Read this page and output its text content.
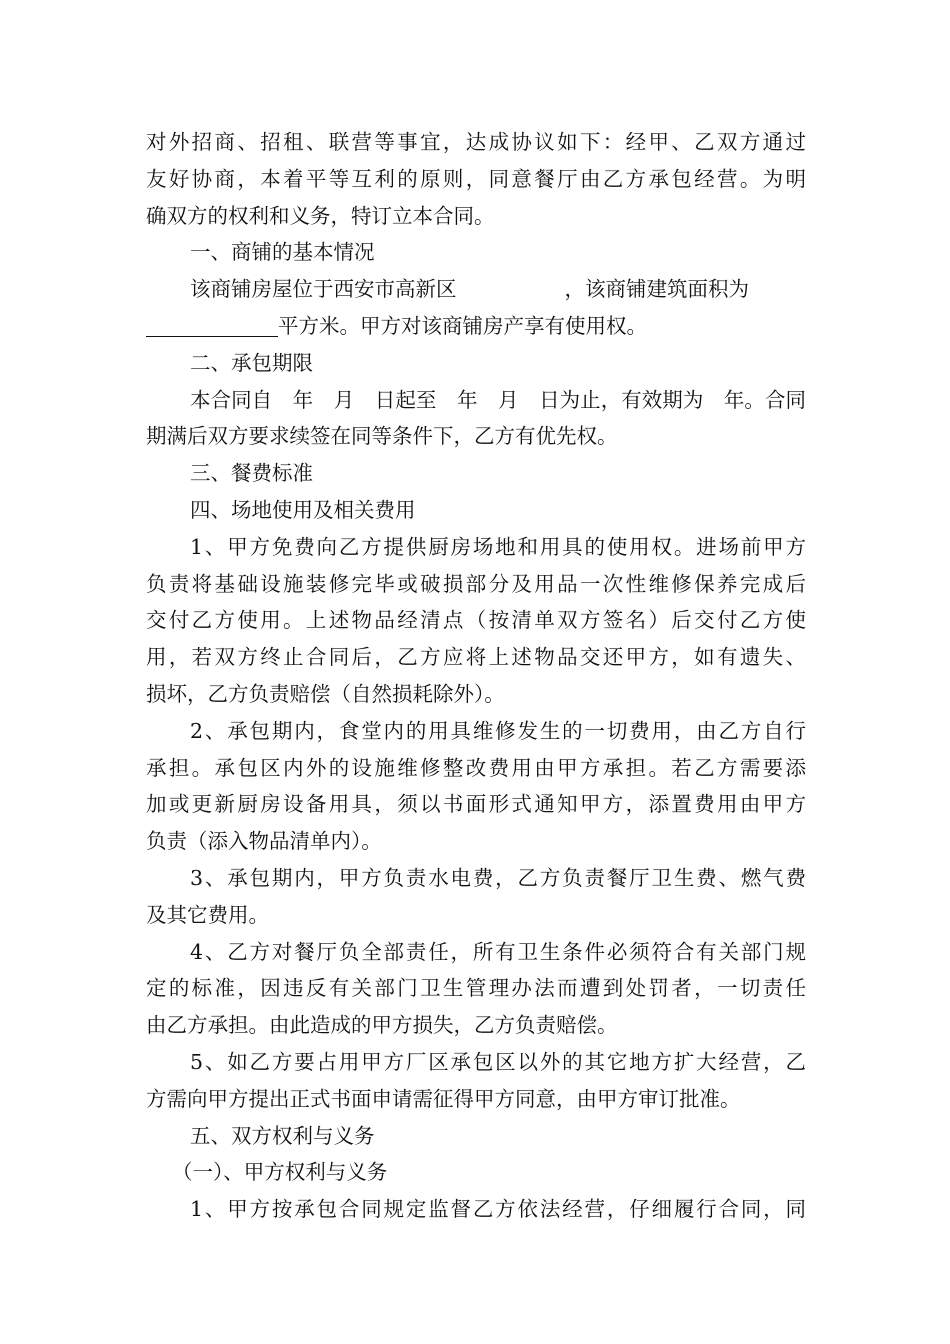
对外招商、招租、联营等事宜，达成协议如下：经甲、乙双方通过
友好协商，本着平等互利的原则，同意餐厅由乙方承包经营。为明
确双方的权利和义务，特订立本合同。
一、商铺的基本情况
该商铺房屋位于西安市高新区	，该商铺建筑面积为
平方米。甲方对该商铺房产享有使用权。
二、承包期限
本合同自　年　月　日起至　年　月　日为止，有效期为　年。合同
期满后双方要求续签在同等条件下，乙方有优先权。
三、餐费标准
四、场地使用及相关费用
1、甲方免费向乙方提供厨房场地和用具的使用权。进场前甲方
负责将基础设施装修完毕或破损部分及用品一次性维修保养完成后
交付乙方使用。上述物品经清点（按清单双方签名）后交付乙方使
用，若双方终止合同后，乙方应将上述物品交还甲方，如有遗失、
损坏，乙方负责赔偿（自然损耗除外）。
2、承包期内，食堂内的用具维修发生的一切费用，由乙方自行
承担。承包区内外的设施维修整改费用由甲方承担。若乙方需要添
加或更新厨房设备用具，须以书面形式通知甲方，添置费用由甲方
负责（添入物品清单内）。
3、承包期内，甲方负责水电费，乙方负责餐厅卫生费、燃气费
及其它费用。
4、乙方对餐厅负全部责任，所有卫生条件必须符合有关部门规
定的标准，因违反有关部门卫生管理办法而遭到处罚者，一切责任
由乙方承担。由此造成的甲方损失，乙方负责赔偿。
5、如乙方要占用甲方厂区承包区以外的其它地方扩大经营，乙
方需向甲方提出正式书面申请需征得甲方同意，由甲方审订批准。
五、双方权利与义务
（一）、甲方权利与义务
1、甲方按承包合同规定监督乙方依法经营，仔细履行合同，同
